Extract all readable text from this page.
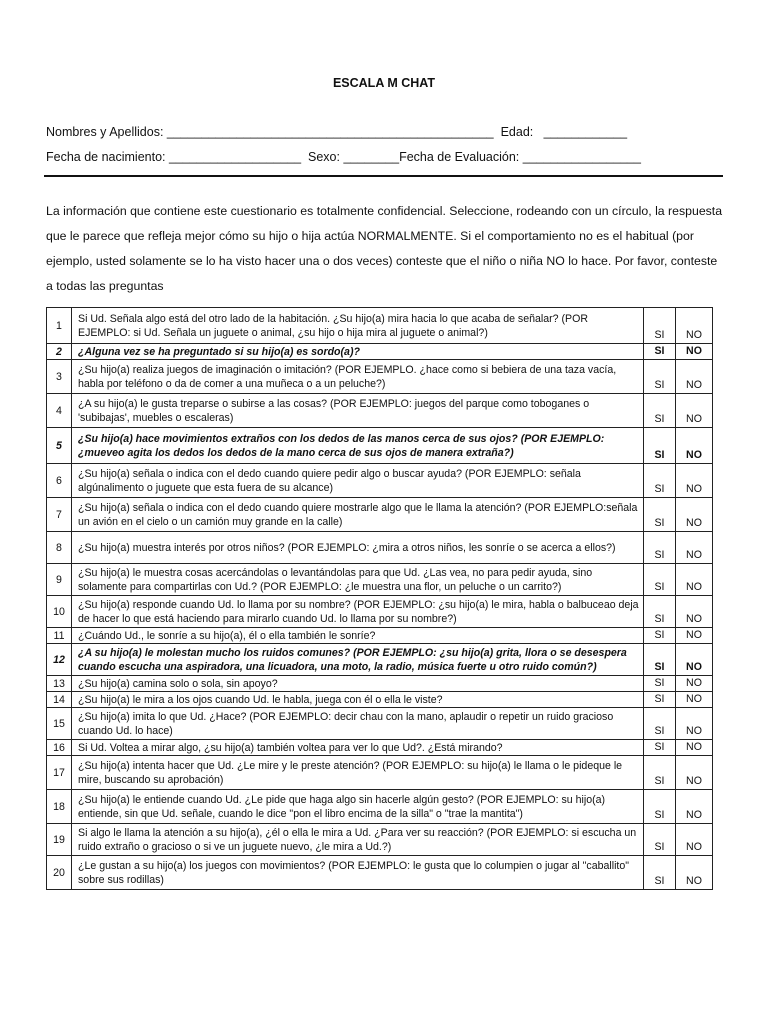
ESCALA M CHAT
Nombres y Apellidos: _______________________________________________  Edad:   ____________
Fecha de nacimiento: ___________________  Sexo: ________Fecha de Evaluación: _________________

La información que contiene este cuestionario es totalmente confidencial. Seleccione, rodeando con un círculo, la respuesta que le parece que refleja mejor cómo su hijo o hija actúa NORMALMENTE. Si el comportamiento no es el habitual (por ejemplo, usted solamente se lo ha visto hacer una o dos veces) conteste que el niño o niña NO lo hace. Por favor, conteste a todas las preguntas

1	Si Ud. Señala algo está del otro lado de la habitación. ¿Su hijo(a) mira hacia lo que acaba de señalar? (POR EJEMPLO: si Ud. Señala un juguete o animal, ¿su hijo o hija mira al juguete o animal?)	SI	NO
2	¿Alguna vez se ha preguntado si su hijo(a) es sordo(a)?	SI	NO
3	¿Su hijo(a) realiza juegos de imaginación o imitación? (POR EJEMPLO. ¿hace como si bebiera de una taza vacía, habla por teléfono o da de comer a una muñeca o a un peluche?)	SI	NO
4	¿A su hijo(a) le gusta treparse o subirse a las cosas? (POR EJEMPLO: juegos del parque como toboganes o 'subibajas', muebles o escaleras)	SI	NO
5	¿Su hijo(a) hace movimientos extraños con los dedos de las manos cerca de sus ojos? (POR EJEMPLO: ¿mueveo agita los dedos los dedos de la mano cerca de sus ojos de manera extraña?)	SI	NO
6	¿Su hijo(a) señala o indica con el dedo cuando quiere pedir algo o buscar ayuda? (POR EJEMPLO: señala algúnalimento o juguete que esta fuera de su alcance)	SI	NO
7	¿Su hijo(a) señala o indica con el dedo cuando quiere mostrarle algo que le llama la atención? (POR EJEMPLO:señala un avión en el cielo o un camión muy grande en la calle)	SI	NO
8	¿Su hijo(a) muestra interés por otros niños? (POR EJEMPLO: ¿mira a otros niños, les sonríe o se acerca a ellos?)	SI	NO
9	¿Su hijo(a) le muestra cosas acercándolas o levantándolas para que Ud. ¿Las vea, no para pedir ayuda, sino solamente para compartirlas con Ud.? (POR EJEMPLO: ¿le muestra una flor, un peluche o un carrito?)	SI	NO
10	¿Su hijo(a) responde cuando Ud. lo llama por su nombre? (POR EJEMPLO: ¿su hijo(a) le mira, habla o balbuceao deja de hacer lo que está haciendo para mirarlo cuando Ud. lo llama por su nombre?)	SI	NO
11	¿Cuándo Ud., le sonríe a su hijo(a), él o ella también le sonríe?	SI	NO
12	¿A su hijo(a) le molestan mucho los ruidos comunes? (POR EJEMPLO: ¿su hijo(a) grita, llora o se desespera cuando escucha una aspiradora, una licuadora, una moto, la radio, música fuerte u otro ruido común?)	SI	NO
13	¿Su hijo(a) camina solo o sola, sin apoyo?	SI	NO
14	¿Su hijo(a) le mira a los ojos cuando Ud. le habla, juega con él o ella le viste?	SI	NO
15	¿Su hijo(a) imita lo que Ud. ¿Hace? (POR EJEMPLO: decir chau con la mano, aplaudir o repetir un ruido gracioso cuando Ud. lo hace)	SI	NO
16	Si Ud. Voltea a mirar algo, ¿su hijo(a) también voltea para ver lo que Ud?. ¿Está mirando?	SI	NO
17	¿Su hijo(a) intenta hacer que Ud. ¿Le mire y le preste atención? (POR EJEMPLO: su hijo(a) le llama o le pideque le mire, buscando su aprobación)	SI	NO
18	¿Su hijo(a) le entiende cuando Ud. ¿Le pide que haga algo sin hacerle algún gesto? (POR EJEMPLO: su hijo(a) entiende, sin que Ud. señale, cuando le dice "pon el libro encima de la silla" o "trae la mantita")	SI	NO
19	Si algo le llama la atención a su hijo(a), ¿él o ella le mira a Ud. ¿Para ver su reacción? (POR EJEMPLO: si escucha un ruido extraño o gracioso o si ve un juguete nuevo, ¿le mira a Ud.?)	SI	NO
20	¿Le gustan a su hijo(a) los juegos con movimientos? (POR EJEMPLO: le gusta que lo columpien o jugar al "caballito" sobre sus rodillas)	SI	NO
